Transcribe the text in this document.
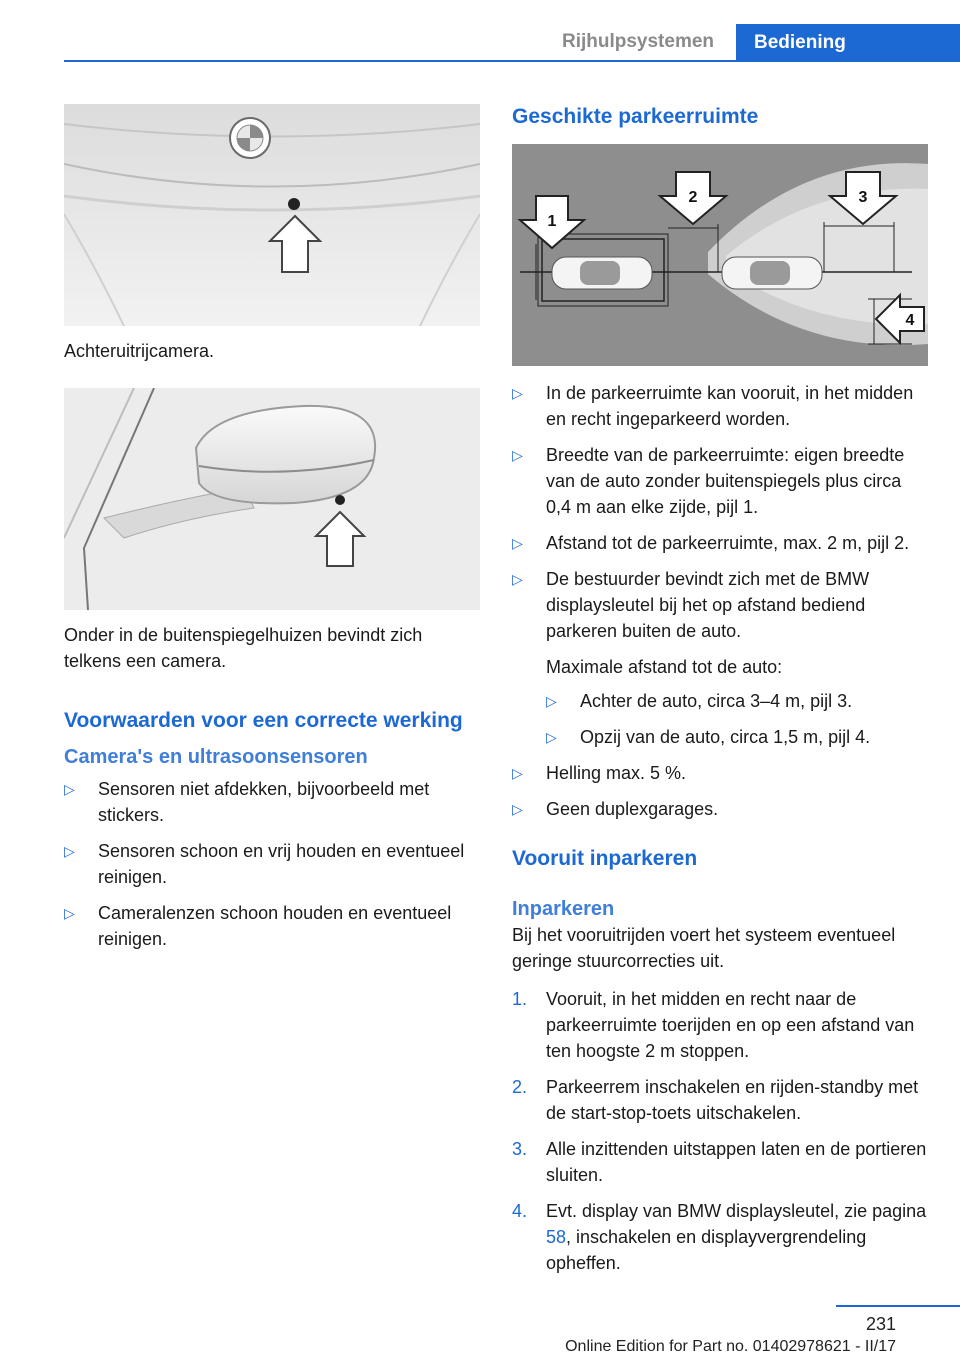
Rijhulpsystemen	Bediening

Achteruitrijcamera.

Onder in de buitenspiegelhuizen bevindt zich telkens een camera.

Voorwaarden voor een correcte werking
Camera's en ultrasoonsensoren
▷ Sensoren niet afdekken, bijvoorbeeld met stickers.
▷ Sensoren schoon en vrij houden en eventueel reinigen.
▷ Cameralenzen schoon houden en eventueel reinigen.
Geschikte parkeerruimte
1
2	3
4
▷ In de parkeerruimte kan vooruit, in het midden en recht ingeparkeerd worden.
▷ Breedte van de parkeerruimte: eigen breedte van de auto zonder buitenspiegels plus circa 0,4 m aan elke zijde, pijl 1.
▷ Afstand tot de parkeerruimte, max. 2 m, pijl 2.
▷ De bestuurder bevindt zich met de BMW displaysleutel bij het op afstand bediend parkeren buiten de auto.

Maximale afstand tot de auto:

▷ Achter de auto, circa 3–4 m, pijl 3.
▷ Opzij van de auto, circa 1,5 m, pijl 4.
▷ Helling max. 5 %.
▷ Geen duplexgarages.
Vooruit inparkeren
Inparkeren

Bij het vooruitrijden voert het systeem eventueel geringe stuurcorrecties uit.

1. Vooruit, in het midden en recht naar de parkeerruimte toerijden en op een afstand van ten hoogste 2 m stoppen.
2. Parkeerrem inschakelen en rijden-standby met de start-stop-toets uitschakelen.
3. Alle inzittenden uitstappen laten en de portieren sluiten.
4. Evt. display van BMW displaysleutel, zie pagina 58, inschakelen en displayvergrendeling opheffen.
231
Online Edition for Part no. 01402978621 - II/17
